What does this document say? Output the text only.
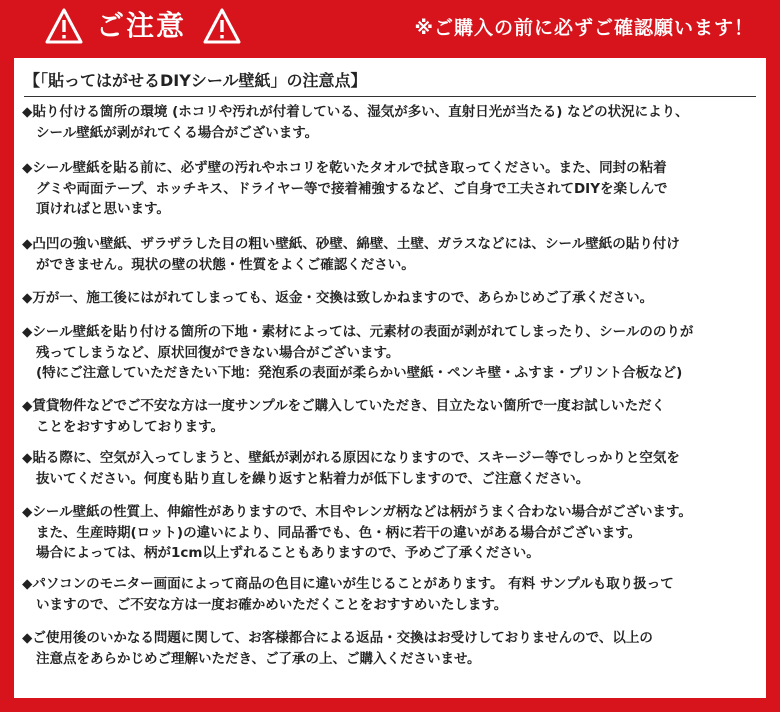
ご注意	※ご購入の前に必ずご確認願います！
【「貼ってはがせるDIYシール壁紙」の注意点】
◆貼り付ける箇所の環境 (ホコリや汚れが付着している、湿気が多い、直射日光が当たる) などの状況により、
シール壁紙が剥がれてくる場合がございます。
◆シール壁紙を貼る前に、必ず壁の汚れやホコリを乾いたタオルで拭き取ってください。また、同封の粘着
グミや両面テープ、ホッチキス、ドライヤー等で接着補強するなど、ご自身で工夫されてDIYを楽しんで
頂ければと思います。
◆凸凹の強い壁紙、ザラザラした目の粗い壁紙、砂壁、綿壁、土壁、ガラスなどには、シール壁紙の貼り付け
ができません。現状の壁の状態・性質をよくご確認ください。
◆万が一、施工後にはがれてしまっても、返金・交換は致しかねますので、あらかじめご了承ください。
◆シール壁紙を貼り付ける箇所の下地・素材によっては、元素材の表面が剥がれてしまったり、シールののりが
残ってしまうなど、原状回復ができない場合がございます。
(特にご注意していただきたい下地：発泡系の表面が柔らかい壁紙・ペンキ壁・ふすま・プリント合板など)
◆賃貸物件などでご不安な方は一度サンプルをご購入していただき、目立たない箇所で一度お試しいただく
ことをおすすめしております。
◆貼る際に、空気が入ってしまうと、壁紙が剥がれる原因になりますので、スキージー等でしっかりと空気を
抜いてください。何度も貼り直しを繰り返すと粘着力が低下しますので、ご注意ください。
◆シール壁紙の性質上、伸縮性がありますので、木目やレンガ柄などは柄がうまく合わない場合がございます。
また、生産時期(ロット)の違いにより、同品番でも、色・柄に若干の違いがある場合がございます。
場合によっては、柄が1cm以上ずれることもありますので、予めご了承ください。
◆パソコンのモニター画面によって商品の色目に違いが生じることがあります。 有料 サンプルも取り扱って
いますので、ご不安な方は一度お確かめいただくことをおすすめいたします。
◆ご使用後のいかなる問題に関して、お客様都合による返品・交換はお受けしておりませんので、以上の
注意点をあらかじめご理解いただき、ご了承の上、ご購入くださいませ。
